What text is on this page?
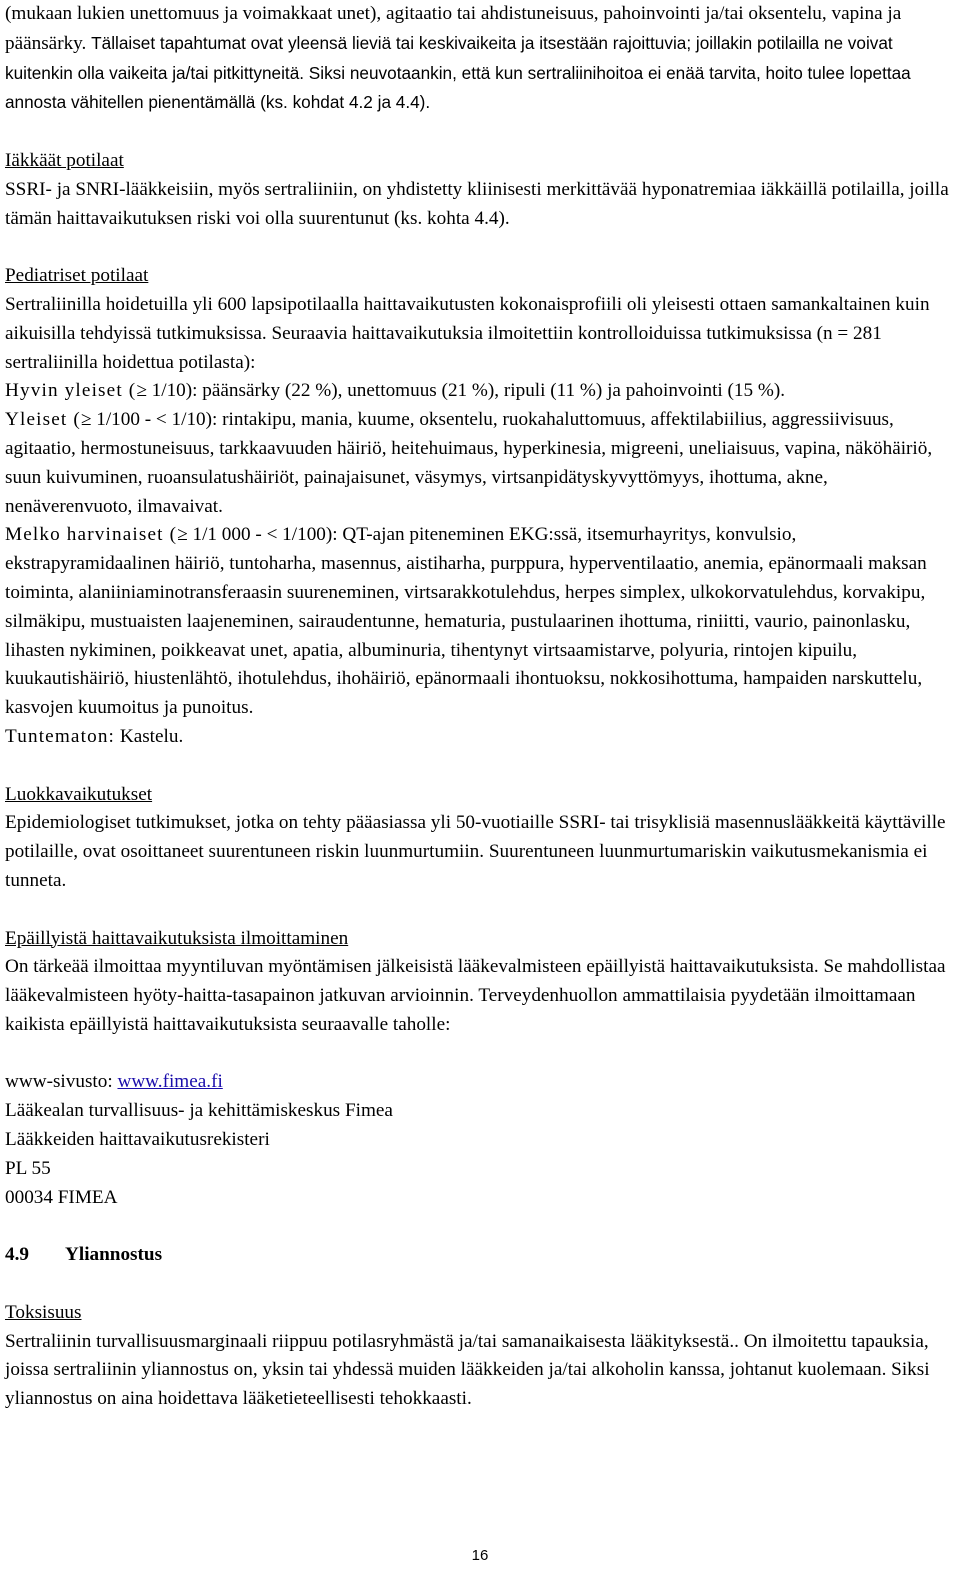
(mukaan lukien unettomuus ja voimakkaat unet), agitaatio tai ahdistuneisuus, pahoinvointi ja/tai oksentelu, vapina ja päänsärky. Tällaiset tapahtumat ovat yleensä lieviä tai keskivaikeita ja itsestään rajoittuvia; joillakin potilailla ne voivat kuitenkin olla vaikeita ja/tai pitkittyneitä. Siksi neuvotaankin, että kun sertraliinihoitoa ei enää tarvita, hoito tulee lopettaa annosta vähitellen pienentämällä (ks. kohdat 4.2 ja 4.4).

Iäkkäät potilaat

SSRI- ja SNRI-lääkkeisiin, myös sertraliiniin, on yhdistetty kliinisesti merkittävää hyponatremiaa iäkkäillä potilailla, joilla tämän haittavaikutuksen riski voi olla suurentunut (ks. kohta 4.4).

Pediatriset potilaat

Sertraliinilla hoidetuilla yli 600 lapsipotilaalla haittavaikutusten kokonaisprofiili oli yleisesti ottaen samankaltainen kuin aikuisilla tehdyissä tutkimuksissa. Seuraavia haittavaikutuksia ilmoitettiin kontrolloiduissa tutkimuksissa (n = 281 sertraliinilla hoidettua potilasta):

Hyvin yleiset (≥ 1/10): päänsärky (22 %), unettomuus (21 %), ripuli (11 %) ja pahoinvointi (15 %).

Yleiset (≥ 1/100 - < 1/10): rintakipu, mania, kuume, oksentelu, ruokahaluttomuus, affektilabiilius, aggressiivisuus, agitaatio, hermostuneisuus, tarkkaavuuden häiriö, heitehuimaus, hyperkinesia, migreeni, uneliaisuus, vapina, näköhäiriö, suun kuivuminen, ruoansulatushäiriöt, painajaisunet, väsymys, virtsanpidätyskyvyttömyys, ihottuma, akne, nenäverenvuoto, ilmavaivat.

Melko harvinaiset (≥ 1/1 000 - < 1/100): QT-ajan piteneminen EKG:ssä, itsemurhayritys, konvulsio, ekstrapyramidaalinen häiriö, tuntoharha, masennus, aistiharha, purppura, hyperventilaatio, anemia, epänormaali maksan toiminta, alaniiniaminotransferaasin suureneminen, virtsarakkotulehdus, herpes simplex, ulkokorvatulehdus, korvakipu, silmäkipu, mustuaisten laajeneminen, sairaudentunne, hematuria, pustulaarinen ihottuma, riniitti, vaurio, painonlasku, lihasten nykiminen, poikkeavat unet, apatia, albuminuria, tihentynyt virtsaamistarve, polyuria, rintojen kipuilu, kuukautishäiriö, hiustenlähtö, ihotulehdus, ihohäiriö, epänormaali ihontuoksu, nokkosihottuma, hampaiden narskuttelu, kasvojen kuumoitus ja punoitus.

Tuntematon: Kastelu.

Luokkavaikutukset

Epidemiologiset tutkimukset, jotka on tehty pääasiassa yli 50-vuotiaille SSRI- tai trisyklisiä masennuslääkkeitä käyttäville potilaille, ovat osoittaneet suurentuneen riskin luunmurtumiin. Suurentuneen luunmurtumariskin vaikutusmekanismia ei tunneta.

Epäillyistä haittavaikutuksista ilmoittaminen

On tärkeää ilmoittaa myyntiluvan myöntämisen jälkeisistä lääkevalmisteen epäillyistä haittavaikutuksista. Se mahdollistaa lääkevalmisteen hyöty-haitta-tasapainon jatkuvan arvioinnin. Terveydenhuollon ammattilaisia pyydetään ilmoittamaan kaikista epäillyistä haittavaikutuksista seuraavalle taholle:

www-sivusto: www.fimea.fi

Lääkealan turvallisuus- ja kehittämiskeskus Fimea

Lääkkeiden haittavaikutusrekisteri

PL 55

00034 FIMEA

4.9 Yliannostus

Toksisuus

Sertraliinin turvallisuusmarginaali riippuu potilasryhmästä ja/tai samanaikaisesta lääkityksestä.. On ilmoitettu tapauksia, joissa sertraliinin yliannostus on, yksin tai yhdessä muiden lääkkeiden ja/tai alkoholin kanssa, johtanut kuolemaan. Siksi yliannostus on aina hoidettava lääketieteellisesti tehokkaasti.

16
